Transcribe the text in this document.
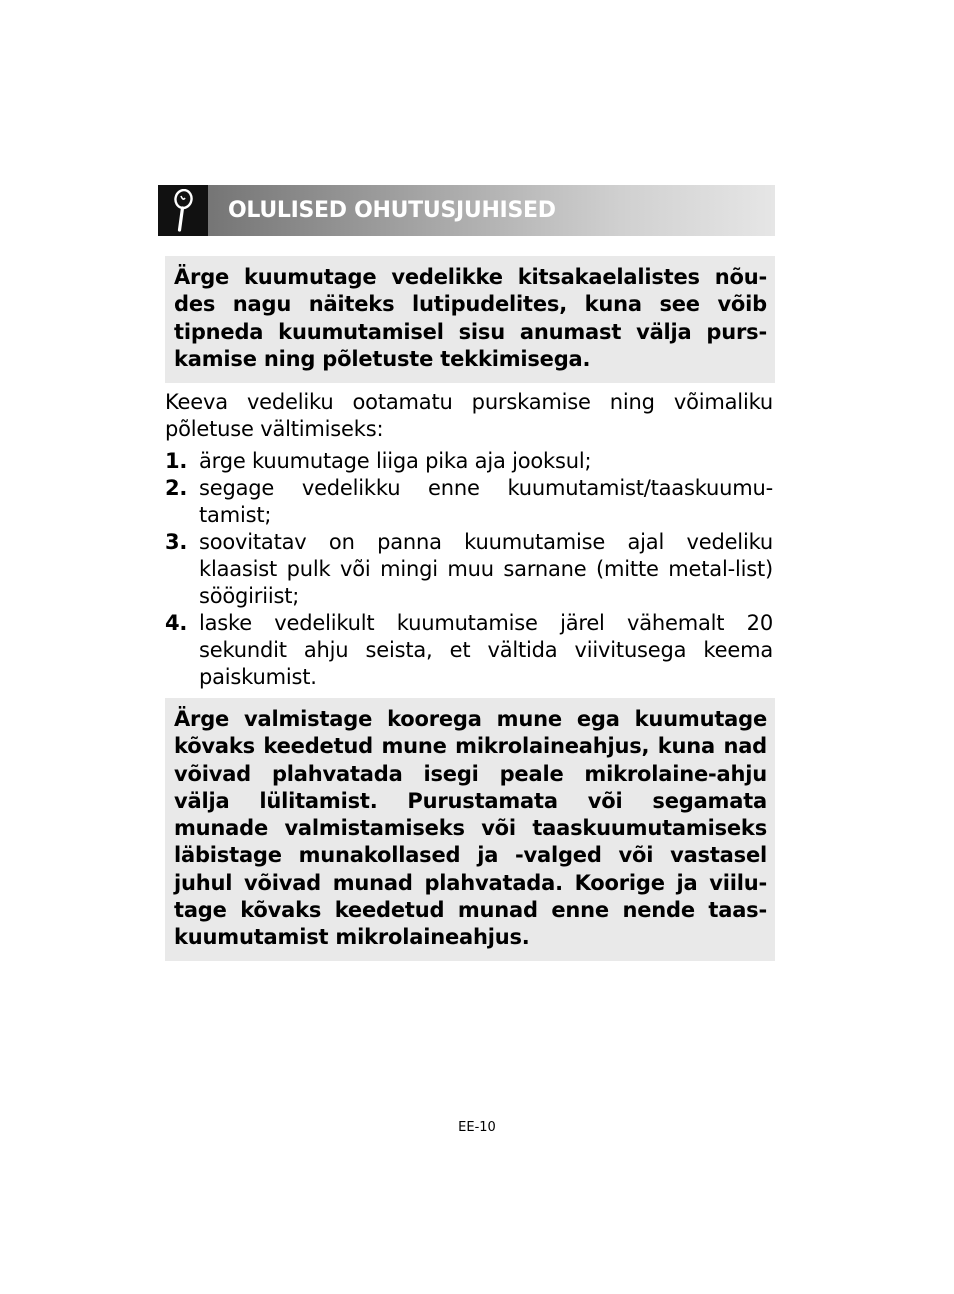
OLULISED OHUTUSJUHISED

Ärge kuumutage vedelikke kitsakaelalistes nõu-des nagu näiteks lutipudelites, kuna see võib tipneda kuumutamisel sisu anumast välja purs-kamise ning põletuste tekkimisega.

Keeva vedeliku ootamatu purskamise ning võimaliku põletuse vältimiseks:

1. ärge kuumutage liiga pika aja jooksul;
2. segage vedelikku enne kuumutamist/taaskuumu-tamist;
3. soovitatav on panna kuumutamise ajal vedeliku klaasist pulk või mingi muu sarnane (mitte metal-list) söögiriist;
4. laske vedelikult kuumutamise järel vähemalt 20 sekundit ahju seista, et vältida viivitusega keema paiskumist.

Ärge valmistage koorega mune ega kuumutage kõvaks keedetud mune mikrolaineahjus, kuna nad võivad plahvatada isegi peale mikrolaine-ahju välja lülitamist. Purustamata või segamata munade valmistamiseks või taaskuumutamiseks läbistage munakollased ja -valged või vastasel juhul võivad munad plahvatada. Koorige ja viilu-tage kõvaks keedetud munad enne nende taas-kuumutamist mikrolaineahjus.

EE-10
